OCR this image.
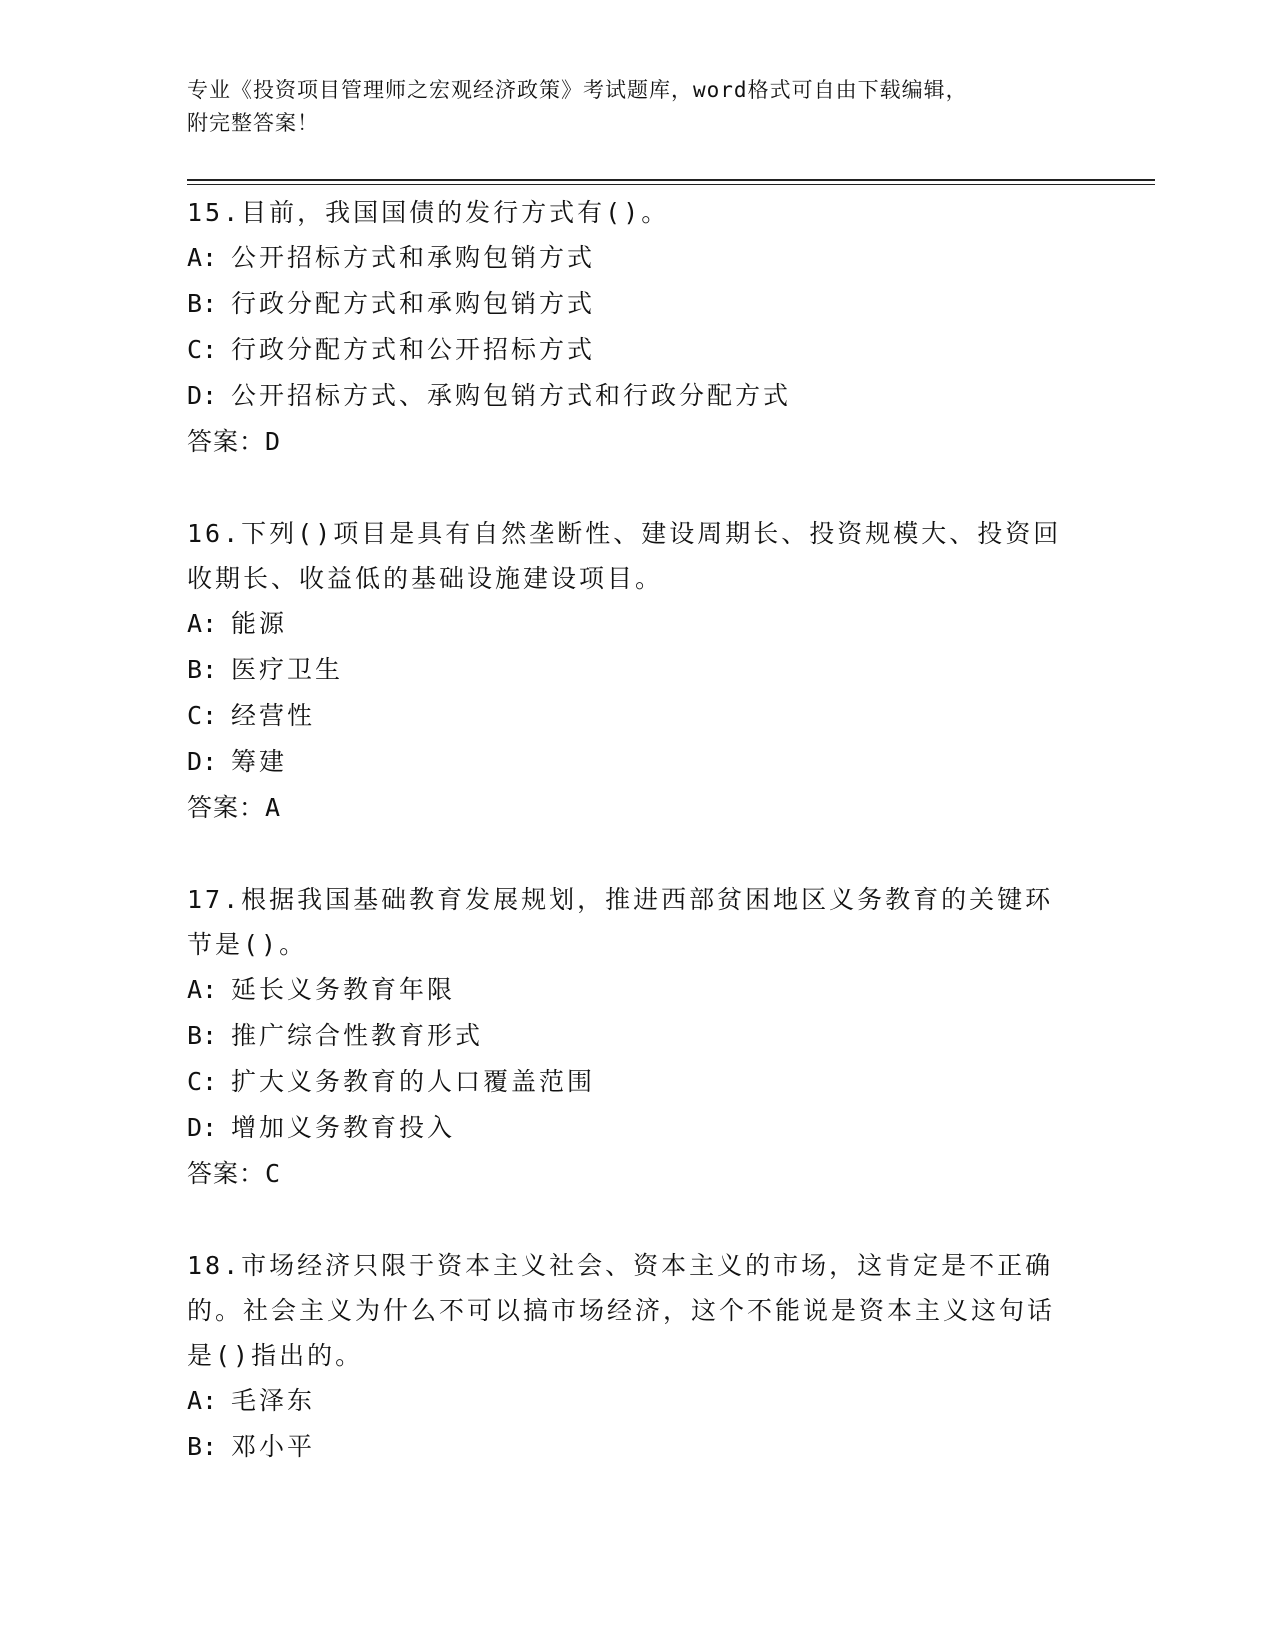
专业《投资项目管理师之宏观经济政策》考试题库，word格式可自由下载编辑，
附完整答案！
15.目前，我国国债的发行方式有()。
A: 公开招标方式和承购包销方式
B: 行政分配方式和承购包销方式
C: 行政分配方式和公开招标方式
D: 公开招标方式、承购包销方式和行政分配方式
答案：D
16.下列()项目是具有自然垄断性、建设周期长、投资规模大、投资回收期长、收益低的基础设施建设项目。
A: 能源
B: 医疗卫生
C: 经营性
D: 筹建
答案：A
17.根据我国基础教育发展规划，推进西部贫困地区义务教育的关键环节是()。
A: 延长义务教育年限
B: 推广综合性教育形式
C: 扩大义务教育的人口覆盖范围
D: 增加义务教育投入
答案：C
18.市场经济只限于资本主义社会、资本主义的市场，这肯定是不正确的。社会主义为什么不可以搞市场经济，这个不能说是资本主义这句话是()指出的。
A: 毛泽东
B: 邓小平
